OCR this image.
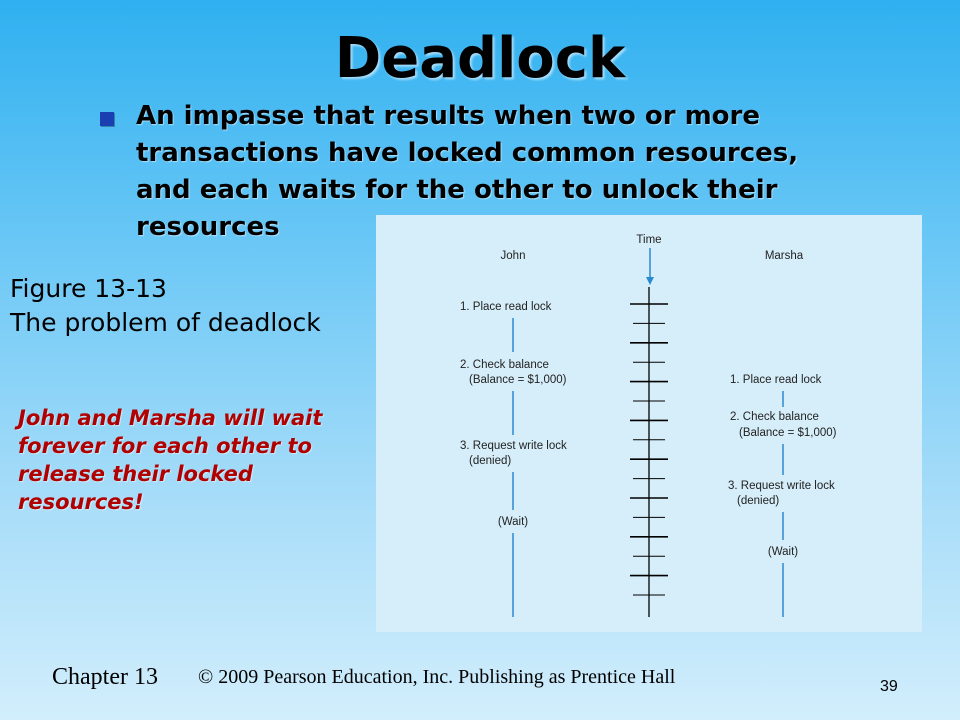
Deadlock
An impasse that results when two or more transactions have locked common resources, and each waits for the other to unlock their resources
Figure 13-13
The problem of deadlock
John and Marsha will wait forever for each other to release their locked resources!
John
Time
Marsha
1. Place read lock
2. Check balance
(Balance = $1,000)
3. Request write lock
(denied)
(Wait)
1. Place read lock
2. Check balance
(Balance = $1,000)
3. Request write lock
(denied)
(Wait)
Chapter 13 © 2009 Pearson Education, Inc. Publishing as Prentice Hall	39
